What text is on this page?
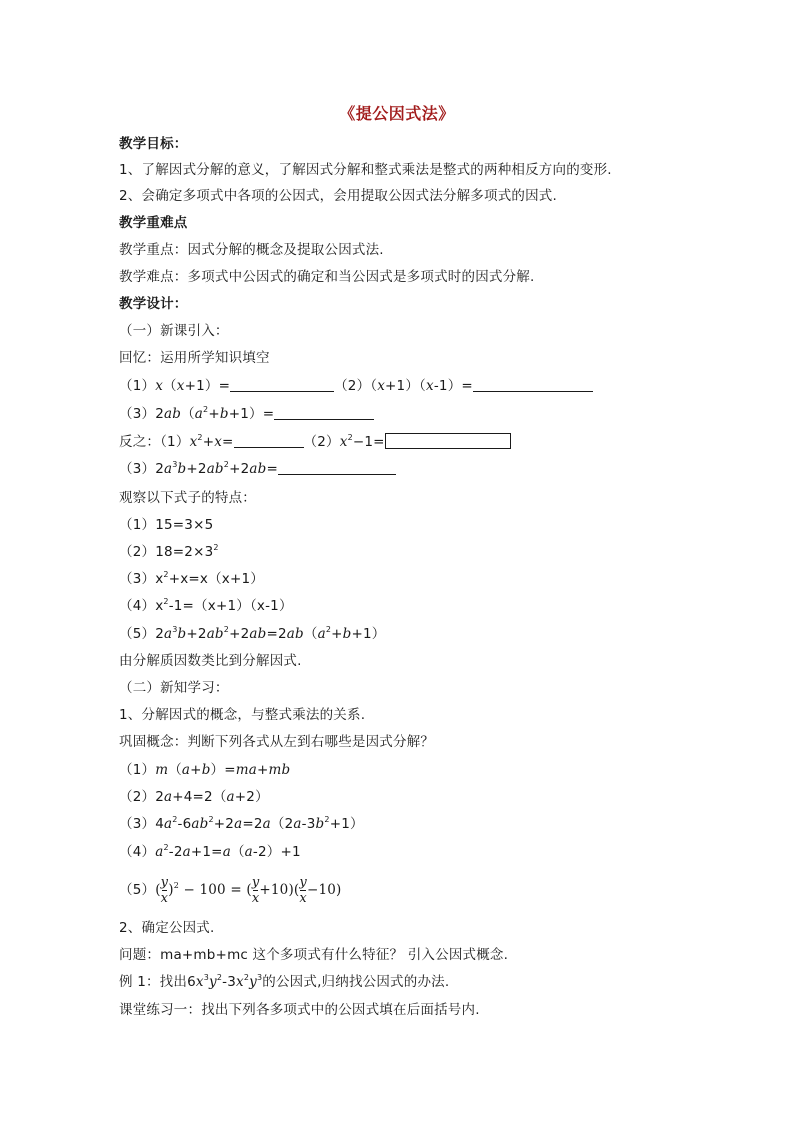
《提公因式法》
教学目标：
1、了解因式分解的意义，了解因式分解和整式乘法是整式的两种相反方向的变形.
2、会确定多项式中各项的公因式，会用提取公因式法分解多项式的因式.
教学重难点
教学重点：因式分解的概念及提取公因式法.
教学难点：多项式中公因式的确定和当公因式是多项式时的因式分解.
教学设计：
（一）新课引入：
回忆：运用所学知识填空
（1）x（x+1）=	（2）（x+1）（x-1）=
$(3)2ab(a^2+b+1)=$
反之：$(1)x^2+x=$	$(2)x^2-1=$
$(3)2a^3b+2ab^2+2ab=$
观察以下式子的特点：
（1）15=3×5
$(2)18=2\times 3^2$
$(3)x^2+x=x(x+1)$
$(4)x^2-1=(x+1)(x-1)$
$(5)2a^3b+2ab^2+2ab=2ab(a^2+b+1)$
由分解质因数类比到分解因式.
（二）新知学习：
1、分解因式的概念，与整式乘法的关系.
巩固概念：判断下列各式从左到右哪些是因式分解？
（1）m（a+b）=ma+mb
（2）2a+4=2（a+2）
$(3)4a^2-6ab^2+2a=2a(2a-3b^2+1)$
$(4)a^2-2a+1=a(a-2)+1$
$(5)( \frac{y}{x} )^2 - 100$ = ( $\frac{y}{x} +10)( \frac{y}{x} -10)$
2、确定公因式.
问题：ma+mb+mc 这个多项式有什么特征？ 引入公因式概念.
例 1：找出$6x^3y^2-3x^2y^3$的公因式,归纳找公因式的办法.
课堂练习一：找出下列各多项式中的公因式填在后面括号内.
